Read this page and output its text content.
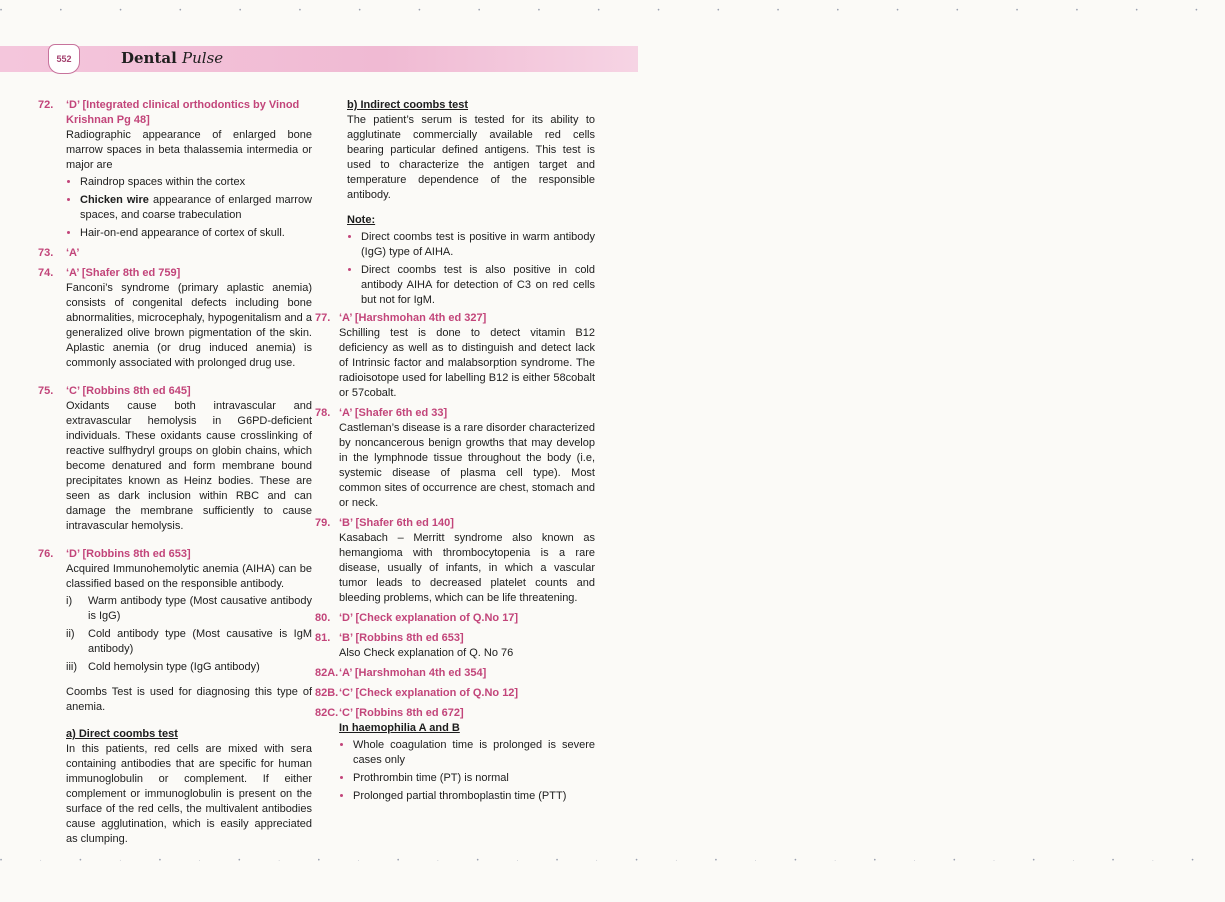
• • • • • • • • • • • • • • • • • • • • •
552	Dental Pulse
72. ‘D’ [Integrated clinical orthodontics by Vinod Krishnan Pg 48]
Radiographic appearance of enlarged bone marrow spaces in beta thalassemia intermedia or major are
• Raindrop spaces within the cortex
• Chicken wire appearance of enlarged marrow spaces, and coarse trabeculation
• Hair-on-end appearance of cortex of skull.
73. ‘A’
74. ‘A’ [Shafer 8th ed 759]
Fanconi’s syndrome (primary aplastic anemia) consists of congenital defects including bone abnormalities, microcephaly, hypogenitalism and a generalized olive brown pigmentation of the skin. Aplastic anemia (or drug induced anemia) is commonly associated with prolonged drug use.
75. ‘C’ [Robbins 8th ed 645]
Oxidants cause both intravascular and extravascular hemolysis in G6PD-deficient individuals. These oxidants cause crosslinking of reactive sulfhydryl groups on globin chains, which become denatured and form membrane bound precipitates known as Heinz bodies. These are seen as dark inclusion within RBC and can damage the membrane sufficiently to cause intravascular hemolysis.
76. ‘D’ [Robbins 8th ed 653]
Acquired Immunohemolytic anemia (AIHA) can be classified based on the responsible antibody.
i) Warm antibody type (Most causative antibody is IgG)
ii) Cold antibody type (Most causative is IgM antibody)
iii) Cold hemolysin type (IgG antibody)
Coombs Test is used for diagnosing this type of anemia.
a) Direct coombs test
In this patients, red cells are mixed with sera containing antibodies that are specific for human immunoglobulin or complement. If either complement or immunoglobulin is present on the surface of the red cells, the multivalent antibodies cause agglutination, which is easily appreciated as clumping.
b) Indirect coombs test
The patient’s serum is tested for its ability to agglutinate commercially available red cells bearing particular defined antigens. This test is used to characterize the antigen target and temperature dependence of the responsible antibody.
Note:
• Direct coombs test is positive in warm antibody (IgG) type of AIHA.
• Direct coombs test is also positive in cold antibody AIHA for detection of C3 on red cells but not for IgM.
77. ‘A’ [Harshmohan 4th ed 327]
Schilling test is done to detect vitamin B12 deficiency as well as to distinguish and detect lack of Intrinsic factor and malabsorption syndrome. The radioisotope used for labelling B12 is either 58cobalt or 57cobalt.
78. ‘A’ [Shafer 6th ed 33]
Castleman’s disease is a rare disorder characterized by noncancerous benign growths that may develop in the lymphnode tissue throughout the body (i.e, systemic disease of plasma cell type). Most common sites of occurrence are chest, stomach and or neck.
79. ‘B’ [Shafer 6th ed 140]
Kasabach – Merritt syndrome also known as hemangioma with thrombocytopenia is a rare disease, usually of infants, in which a vascular tumor leads to decreased platelet counts and bleeding problems, which can be life threatening.
80. ‘D’ [Check explanation of Q.No 17]
81. ‘B’ [Robbins 8th ed 653]
Also Check explanation of Q. No 76
82A. ‘A’ [Harshmohan 4th ed 354]
82B. ‘C’ [Check explanation of Q.No 12]
82C. ‘C’ [Robbins 8th ed 672]
In haemophilia A and B
• Whole coagulation time is prolonged is severe cases only
• Prothrombin time (PT) is normal
• Prolonged partial thromboplastin time (PTT)
• · • · • · • · • · • · • · • · • · • · • · • · • · • · • · •
